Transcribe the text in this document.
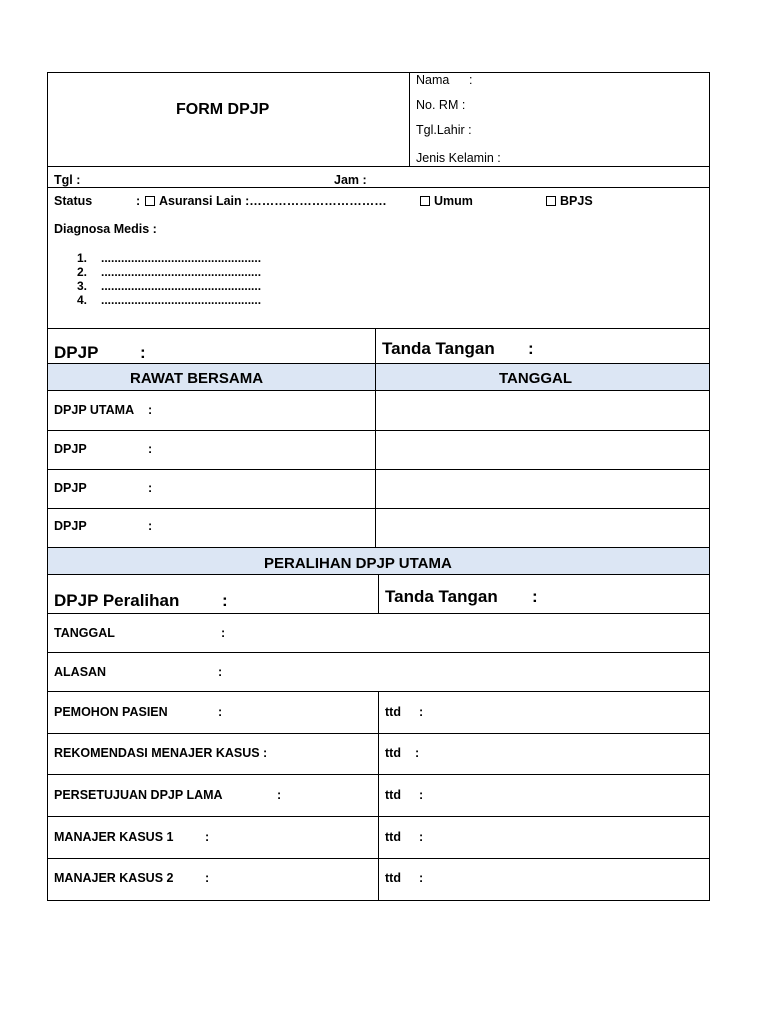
FORM DPJP
Nama :
No. RM :
Tgl.Lahir :
Jenis Kelamin :
Tgl :	Jam :
Status	:	Asuransi Lain :……………………………	Umum	BPJS
Diagnosa Medis :
1. ................................................
2. ................................................
3. ................................................
4. ................................................
DPJP :	Tanda Tangan :
RAWAT BERSAMA	TANGGAL
DPJP UTAMA :
DPJP	:
DPJP	:
DPJP	:
PERALIHAN DPJP UTAMA
DPJP Peralihan	:	Tanda Tangan :
TANGGAL	:
ALASAN	:
PEMOHON PASIEN	:	ttd :
REKOMENDASI MENAJER KASUS :	ttd :
PERSETUJUAN DPJP LAMA	:	ttd :
MANAJER KASUS 1	:	ttd :
MANAJER KASUS 2	:	ttd :
